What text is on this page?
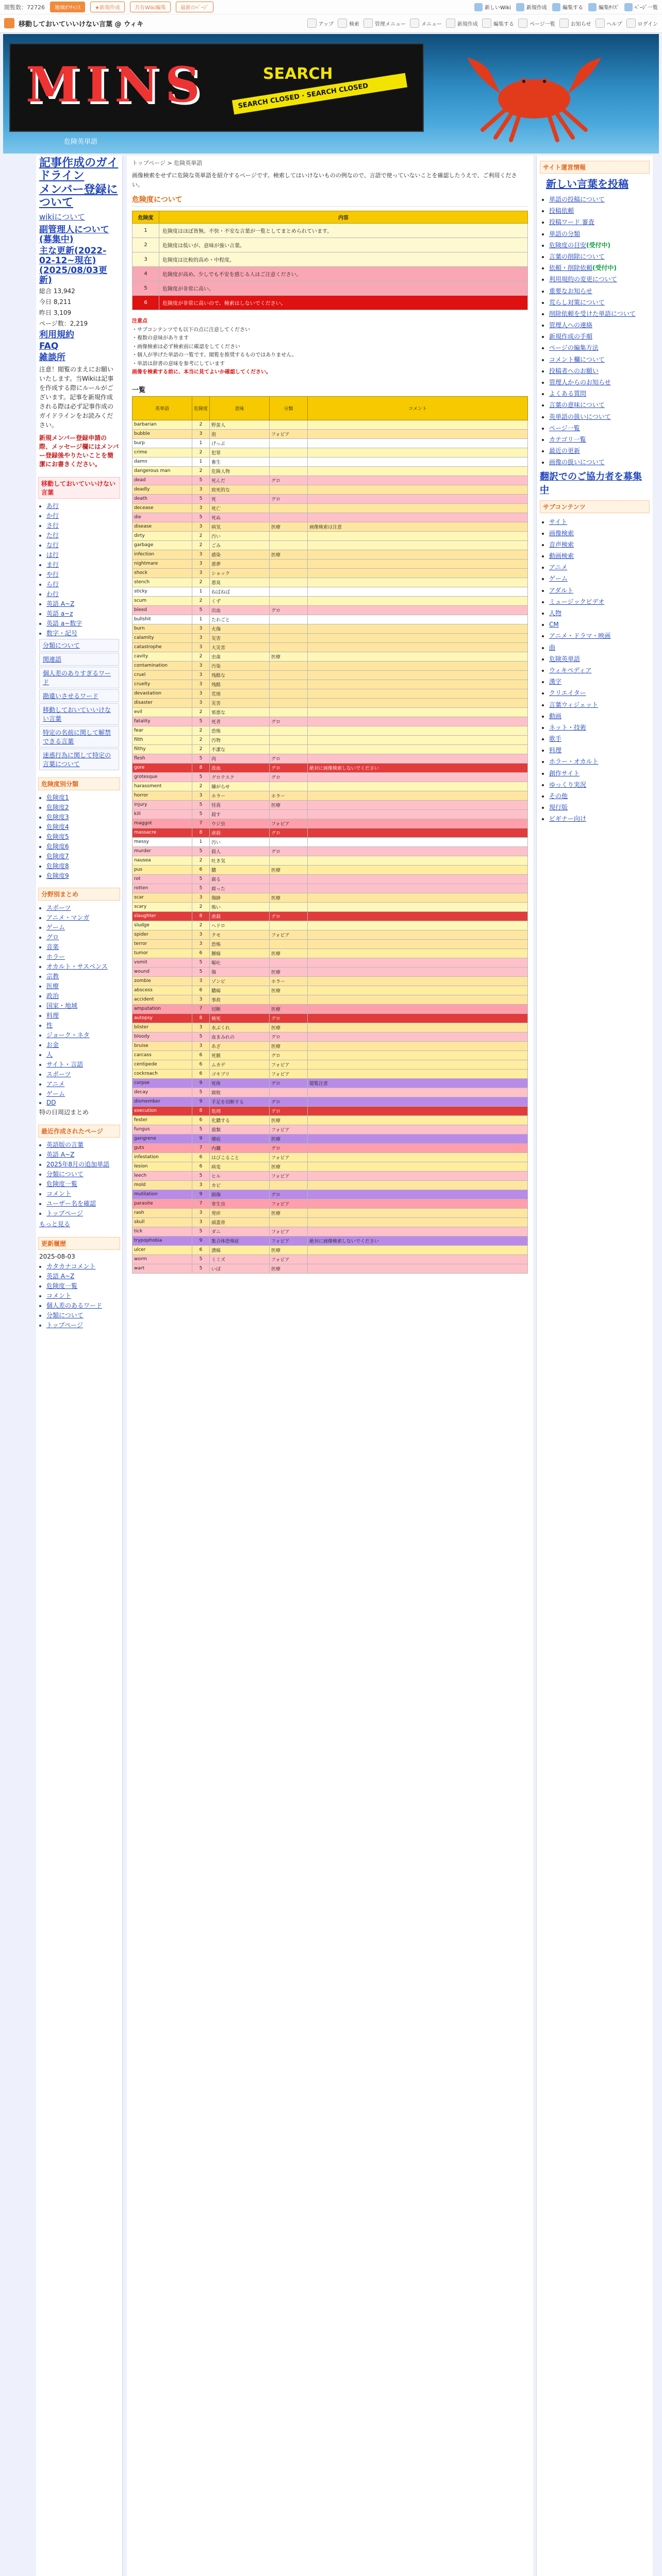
閲覧数：72726	地域ｵﾌﾁｬﾝｽ	★新規作成	共有Wiki編集	最新のﾍﾟｰｼﾞ	新しいWiki	新規作成	編集する	編集ｻｲｽﾞ	ﾍﾞｰｼﾞ一覧
移動しておいていいけない言葉 @ ウィキ	アップ	検索	管理メニュー	メニュー	新規作成	編集する	ページ一覧	お知らせ	ヘルプ	ログイン
MINS	SEARCH
SEARCH CLOSED · SEARCH CLOSED
危険英単語
記事作成のガイドライン
メンバー登録について
wikiについて
副管理人について(募集中)
主な更新(2022-02-12~現在) (2025/08/03更新)
総合 13,942
今日 8,211
昨日 3,109
ページ数：2,219
利用規約
FAQ
雑談所
注意！閲覧のまえにお願いいたします。当Wikiは記事を作成する際にルールがございます。記事を新規作成される際は必ず記事作成のガイドラインをお読みください。
新規メンバー登録申請の際、メッセージ欄にはメンバー登録後やりたいことを簡潔にお書きください。
移動しておいていいけない言葉
あ行
か行
さ行
た行
な行
は行
ま行
や行
ら行
わ行
英語 A~Z
英語 a~z
英語 a~数字
数字・記号
分類について
関連語
個人差のありすぎるワード
勘違いさせるワード
移動しておいていいけない言葉
特定の名前に関して解禁できる言葉
迷惑行為に関して特定の言葉について
危険度別分類
危険度1
危険度2
危険度3
危険度4
危険度5
危険度6
危険度7
危険度8
危険度9
分野別まとめ
スポーツ
アニメ・マンガ
ゲーム
グロ
音楽
ホラー
オカルト・サスペンス
宗教
医療
政治
国家・地域
料理
性
ジョーク・ネタ
お金
人
サイト・言語
スポーツ
アニメ
ゲーム
DD
特の日周辺まとめ
最近作成されたページ
英語版の言葉
英語 A~Z
2025年8月の追加単語
分類について
危険度一覧
コメント
ユーザー名を確認
トップページ
もっと見る
更新履歴
2025-08-03
カタカナコメント
英語 A~Z
危険度一覧
コメント
個人差のあるワード
分類について
トップページ
トップページ > 危険英単語

画像検索をせずに危険な英単語を紹介するページです。検索してはいけないものの例なので、言語で使っていないことを確認したうえで、ご利用ください。

危険度について
危険度	内容
1	危険度はほぼ皆無。不快・不安な言葉が一覧としてまとめられています。
2	危険度は低いが、意味が強い言葉。
3	危険度は比較的高め・中程度。
4	危険度が高め。少しでも不安を感じる人はご注意ください。
5	危険度が非常に高い。
6	危険度が非常に高いので、検索はしないでください。
注意点
・サブコンテンツでも以下の点に注意してください
・複数の意味があります
・画像検索は必ず検索前に確認をしてください
・個人が挙げた単語の一覧です。閲覧を推奨するものではありません。
・単語は辞書の意味を参考にしています
画像を検索する前に、本当に見てよいか確認してください。
一覧
英単語	危険度	意味	分類	コメント
barbarian	2	野蛮人		
bubble	3	泡	フォビア	
burp	1	げっぷ		
crime	2	犯罪		
damn	1	畜生		
dangerous man	2	危険人物		
dead	5	死んだ	グロ	
deadly	3	致死的な		
death	5	死	グロ	
decease	3	死亡		
die	5	死ぬ		
disease	3	病気	医療	画像検索は注意
dirty	2	汚い		
garbage	2	ごみ		
infection	3	感染	医療	
nightmare	3	悪夢		
shock	3	ショック		
stench	2	悪臭		
sticky	1	ねばねば		
scum	2	くず		
bleed	5	出血	グロ	
bullshit	1	たわごと		
burn	3	火傷		
calamity	3	災害		
catastrophe	3	大災害		
cavity	2	虫歯	医療	
contamination	3	汚染		
cruel	3	残酷な		
cruelty	3	残酷		
devastation	3	荒廃		
disaster	3	災害		
evil	2	邪悪な		
fatality	5	死者	グロ	
fear	2	恐怖		
filth	2	汚物		
filthy	2	不潔な		
flesh	5	肉	グロ	
gore	8	流血	グロ	絶対に画像検索しないでください
grotesque	5	グロテスク	グロ	
harassment	2	嫌がらせ		
horror	3	ホラー	ホラー	
injury	5	怪我	医療	
kill	5	殺す		
maggot	7	ウジ虫	フォビア	
massacre	8	虐殺	グロ	
messy	1	汚い		
murder	5	殺人	グロ	
nausea	2	吐き気		
pus	6	膿	医療	
rot	5	腐る		
rotten	5	腐った		
scar	3	傷跡	医療	
scary	2	怖い		
slaughter	8	虐殺	グロ	
sludge	2	ヘドロ		
spider	3	クモ	フォビア	
terror	3	恐怖		
tumor	6	腫瘍	医療	
vomit	5	嘔吐		
wound	5	傷	医療	
zombie	3	ゾンビ	ホラー	
abscess	6	膿瘍	医療	
accident	3	事故		
amputation	7	切断	医療	
autopsy	8	検死	グロ	
blister	3	水ぶくれ	医療	
bloody	5	血まみれの	グロ	
bruise	3	あざ	医療	
carcass	6	死骸	グロ	
centipede	6	ムカデ	フォビア	
cockroach	6	ゴキブリ	フォビア	
corpse	9	死体	グロ	閲覧注意
decay	5	腐敗		
dismember	9	手足を切断する	グロ	
execution	8	処刑	グロ	
fester	6	化膿する	医療	
fungus	5	菌類	フォビア	
gangrene	9	壊疽	医療	
guts	7	内臓	グロ	
infestation	6	はびこること	フォビア	
lesion	6	病変	医療	
leech	5	ヒル	フォビア	
mold	3	カビ		
mutilation	9	損傷	グロ	
parasite	7	寄生虫	フォビア	
rash	3	発疹	医療	
skull	3	頭蓋骨		
tick	5	ダニ	フォビア	
trypophobia	9	集合体恐怖症	フォビア	絶対に画像検索しないでください
ulcer	6	潰瘍	医療	
worm	5	ミミズ	フォビア	
wart	5	いぼ	医療	
サイト運営情報
新しい言葉を投稿
• 単語の投稿について
• 投稿依頼
• 投稿ワード 審査
• 単語の分類
• 危険度の目安(受付中)
• 言葉の削除について
• 依頼・削除依頼(受付中)
• 利用規約の変更について
• 重要なお知らせ
• 荒らし対策について
• 削除依頼を受けた単語について
• 管理人への連絡
• 新規作成の手順
• ページの編集方法
• コメント欄について
• 投稿者へのお願い
• 管理人からのお知らせ
• よくある質問
• 言葉の意味について
• 英単語の扱いについて
• ページ一覧
• カテゴリ一覧
• 最近の更新
• 画像の扱いについて
翻訳でのご協力者を募集中
サブコンテンツ
• サイト
• 画像検索
• 音声検索
• 動画検索
• アニメ
• ゲーム
• アダルト
• ミュージックビデオ
• 人物
• CM
• アニメ・ドラマ・映画
• 曲
• 危険英単語
• ウィキペディア
• 漢字
• クリエイター
• 言葉ウィジェット
• 動画
• ネット・技術
• 歌手
• 料理
• ホラー・オカルト
• 創作サイト
• ゆっくり実況
• その他
• 現行版
• ビギナー向け
